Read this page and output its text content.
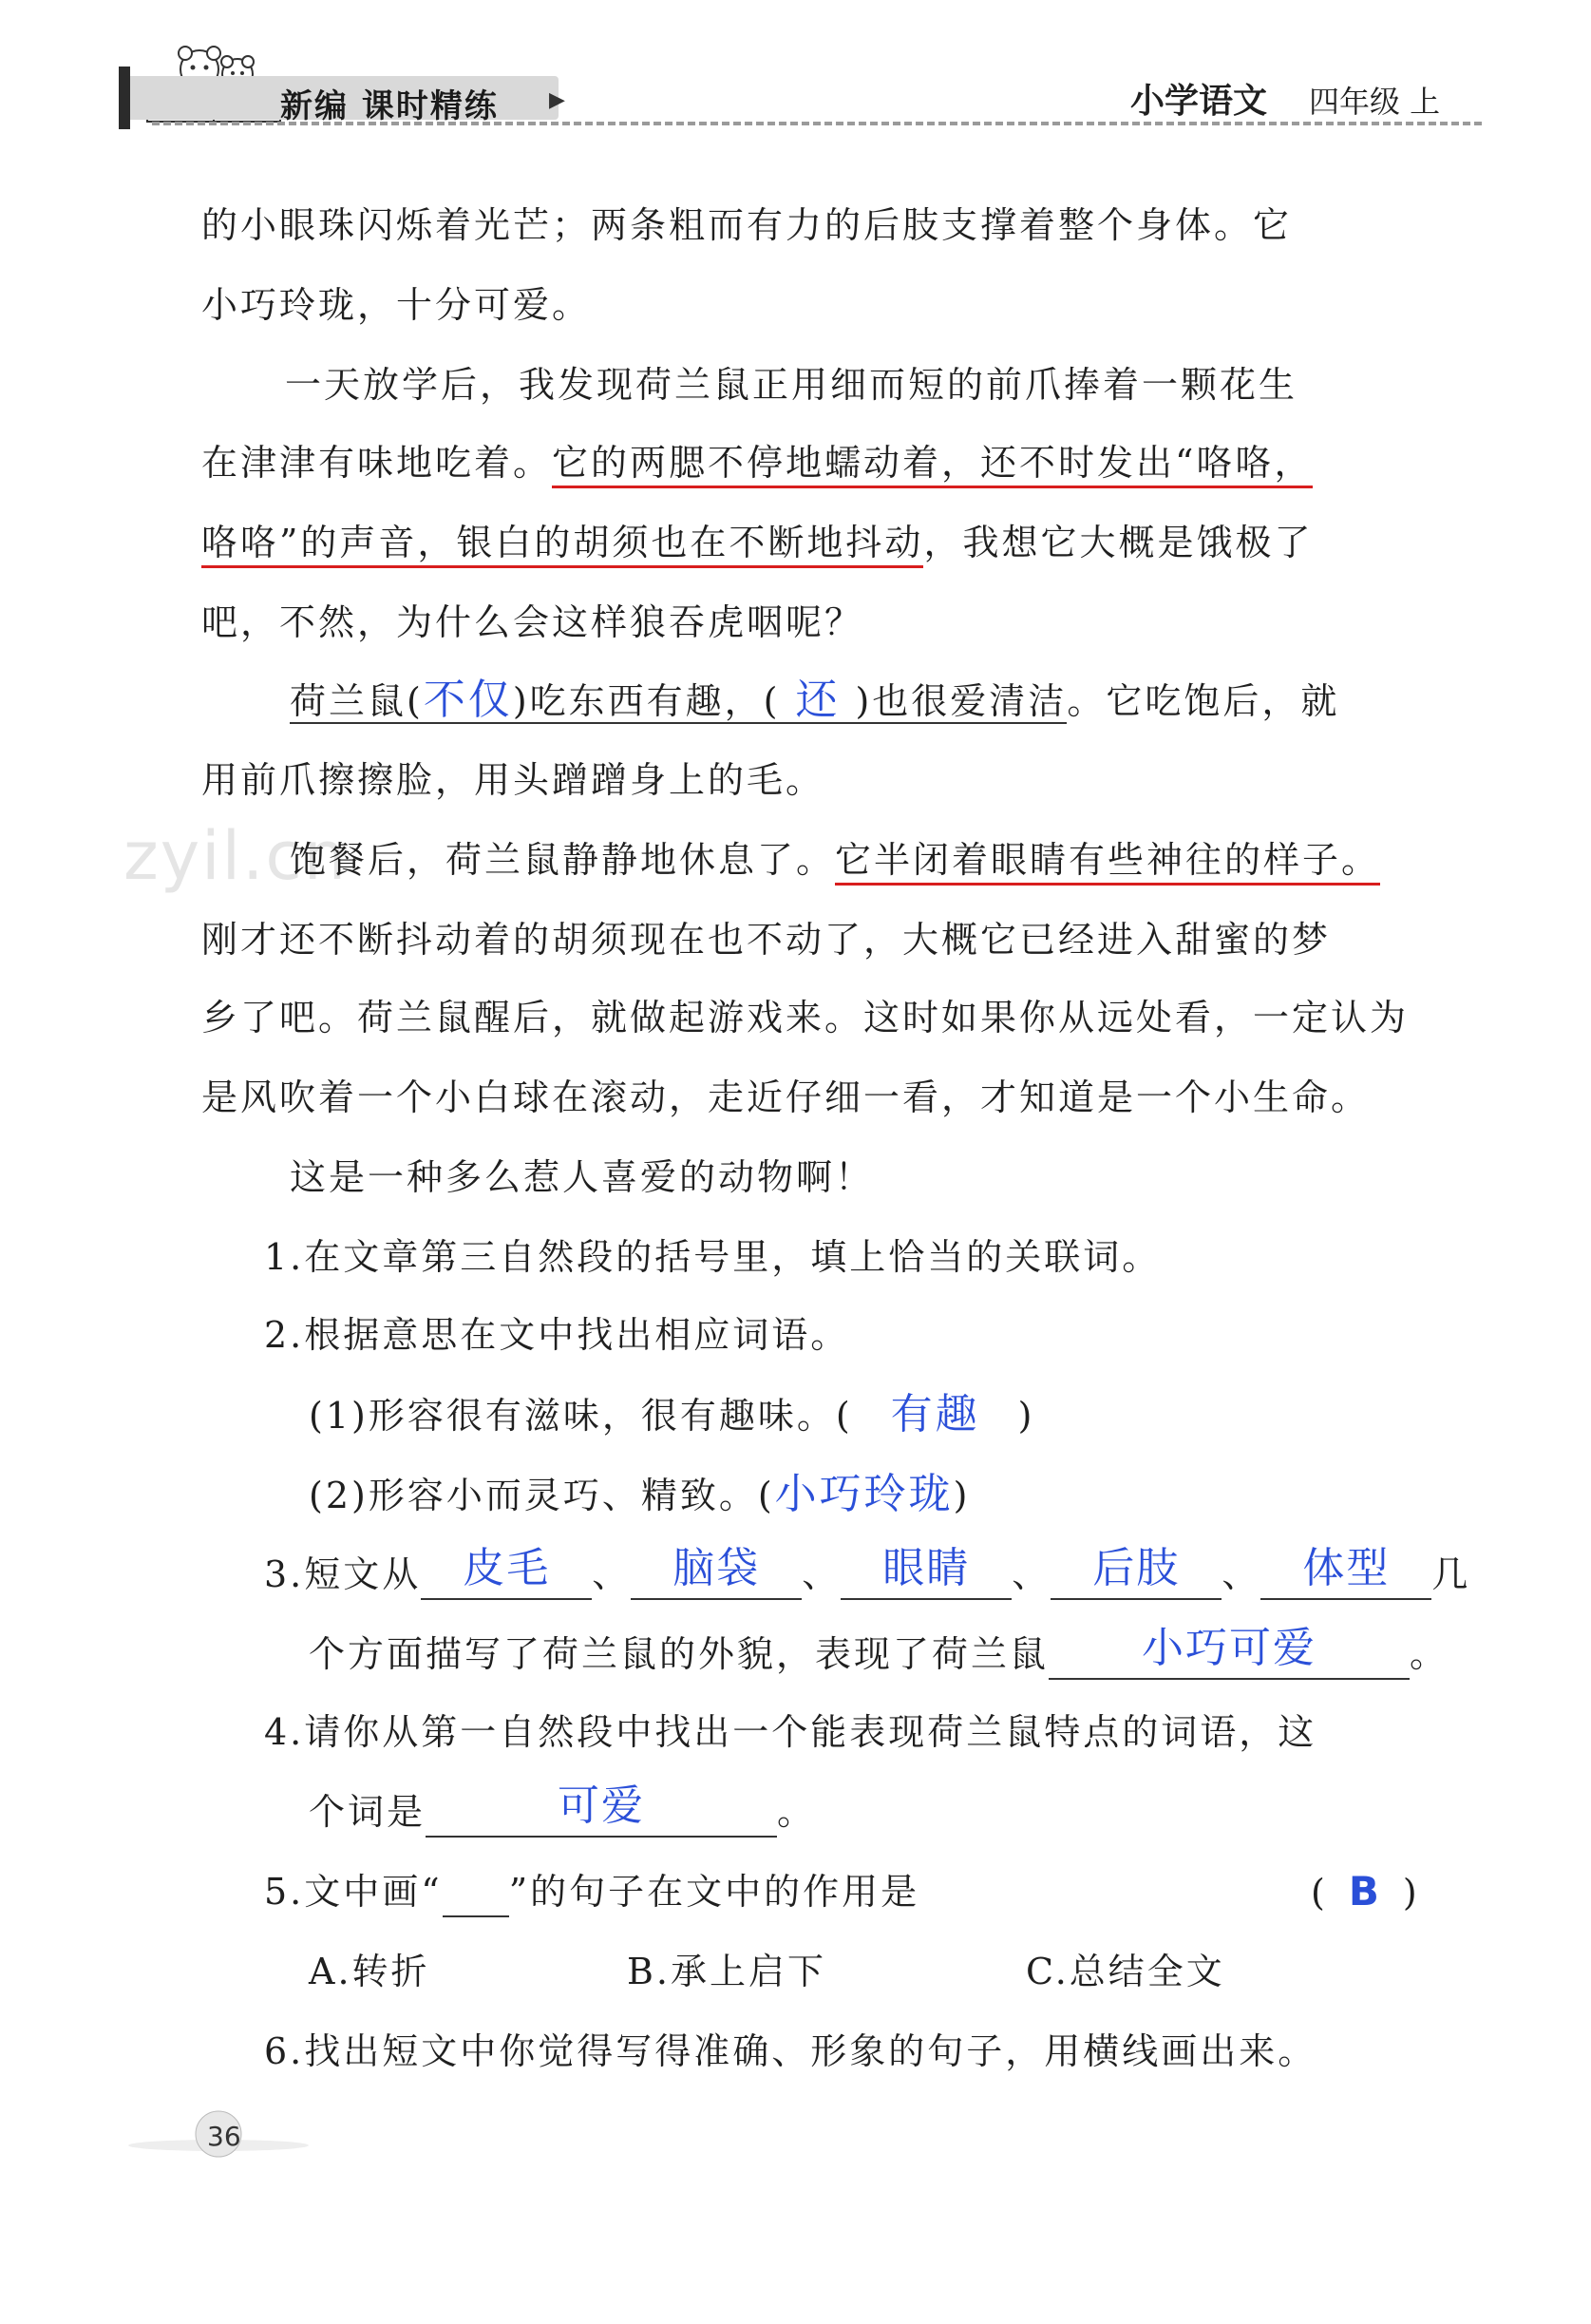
新编 课时精练 ▶	小学语文 四年级 上
zyil.cn
的小眼珠闪烁着光芒；两条粗而有力的后肢支撑着整个身体。它
小巧玲珑，十分可爱。
一天放学后，我发现荷兰鼠正用细而短的前爪捧着一颗花生
在津津有味地吃着。它的两腮不停地蠕动着，还不时发出“咯咯，
咯咯”的声音，银白的胡须也在不断地抖动，我想它大概是饿极了
吧，不然，为什么会这样狼吞虎咽呢？
荷兰鼠(不仅)吃东西有趣，( 还 )也很爱清洁。它吃饱后，就
用前爪擦擦脸，用头蹭蹭身上的毛。
饱餐后，荷兰鼠静静地休息了。它半闭着眼睛有些神往的样子。
刚才还不断抖动着的胡须现在也不动了，大概它已经进入甜蜜的梦
乡了吧。荷兰鼠醒后，就做起游戏来。这时如果你从远处看，一定认为
是风吹着一个小白球在滚动，走近仔细一看，才知道是一个小生命。
这是一种多么惹人喜爱的动物啊！
1.在文章第三自然段的括号里，填上恰当的关联词。
2.根据意思在文中找出相应词语。
(1)形容很有滋味，很有趣味。( 有趣 )
(2)形容小而灵巧、精致。(小巧玲珑)
3.短文从	皮毛	、	脑袋	、	眼睛	、	后肢	、	体型	几
个方面描写了荷兰鼠的外貌，表现了荷兰鼠	小巧可爱	。
4.请你从第一自然段中找出一个能表现荷兰鼠特点的词语，这
个词是	可爱	。
5.文中画“ ”的句子在文中的作用是	( B )
A.转折	B.承上启下	C.总结全文
6.找出短文中你觉得写得准确、形象的句子，用横线画出来。
36
